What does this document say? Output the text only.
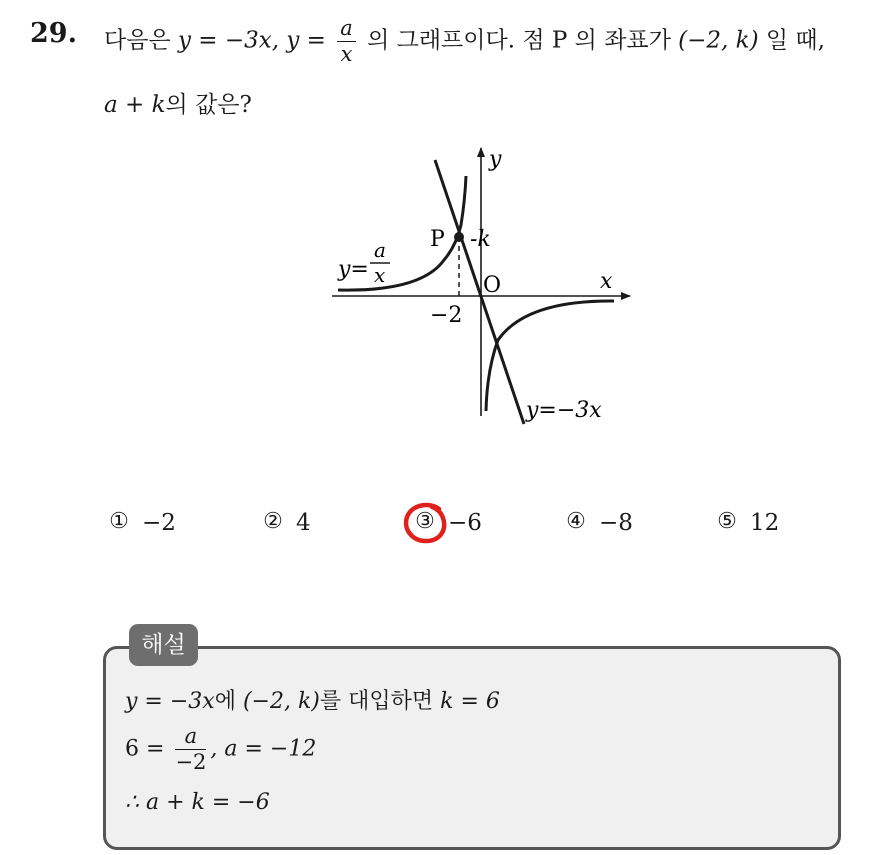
29. 다음은 y = −3x, $y = \frac{a}{x}$ 의 그래프이다. 점 P 의 좌표가 (−2, k) 일 때,
a + k의 값은?
y
x
O
P -k
−2
y=
a
x
y=−3x
① −2	② 4	③ −6	④ −8	⑤ 12
해설
y = −3x에 (−2, k)를 대입하면 k = 6
$6 = \frac{a}{-2}$ , a = −12
∴ a + k = −6
